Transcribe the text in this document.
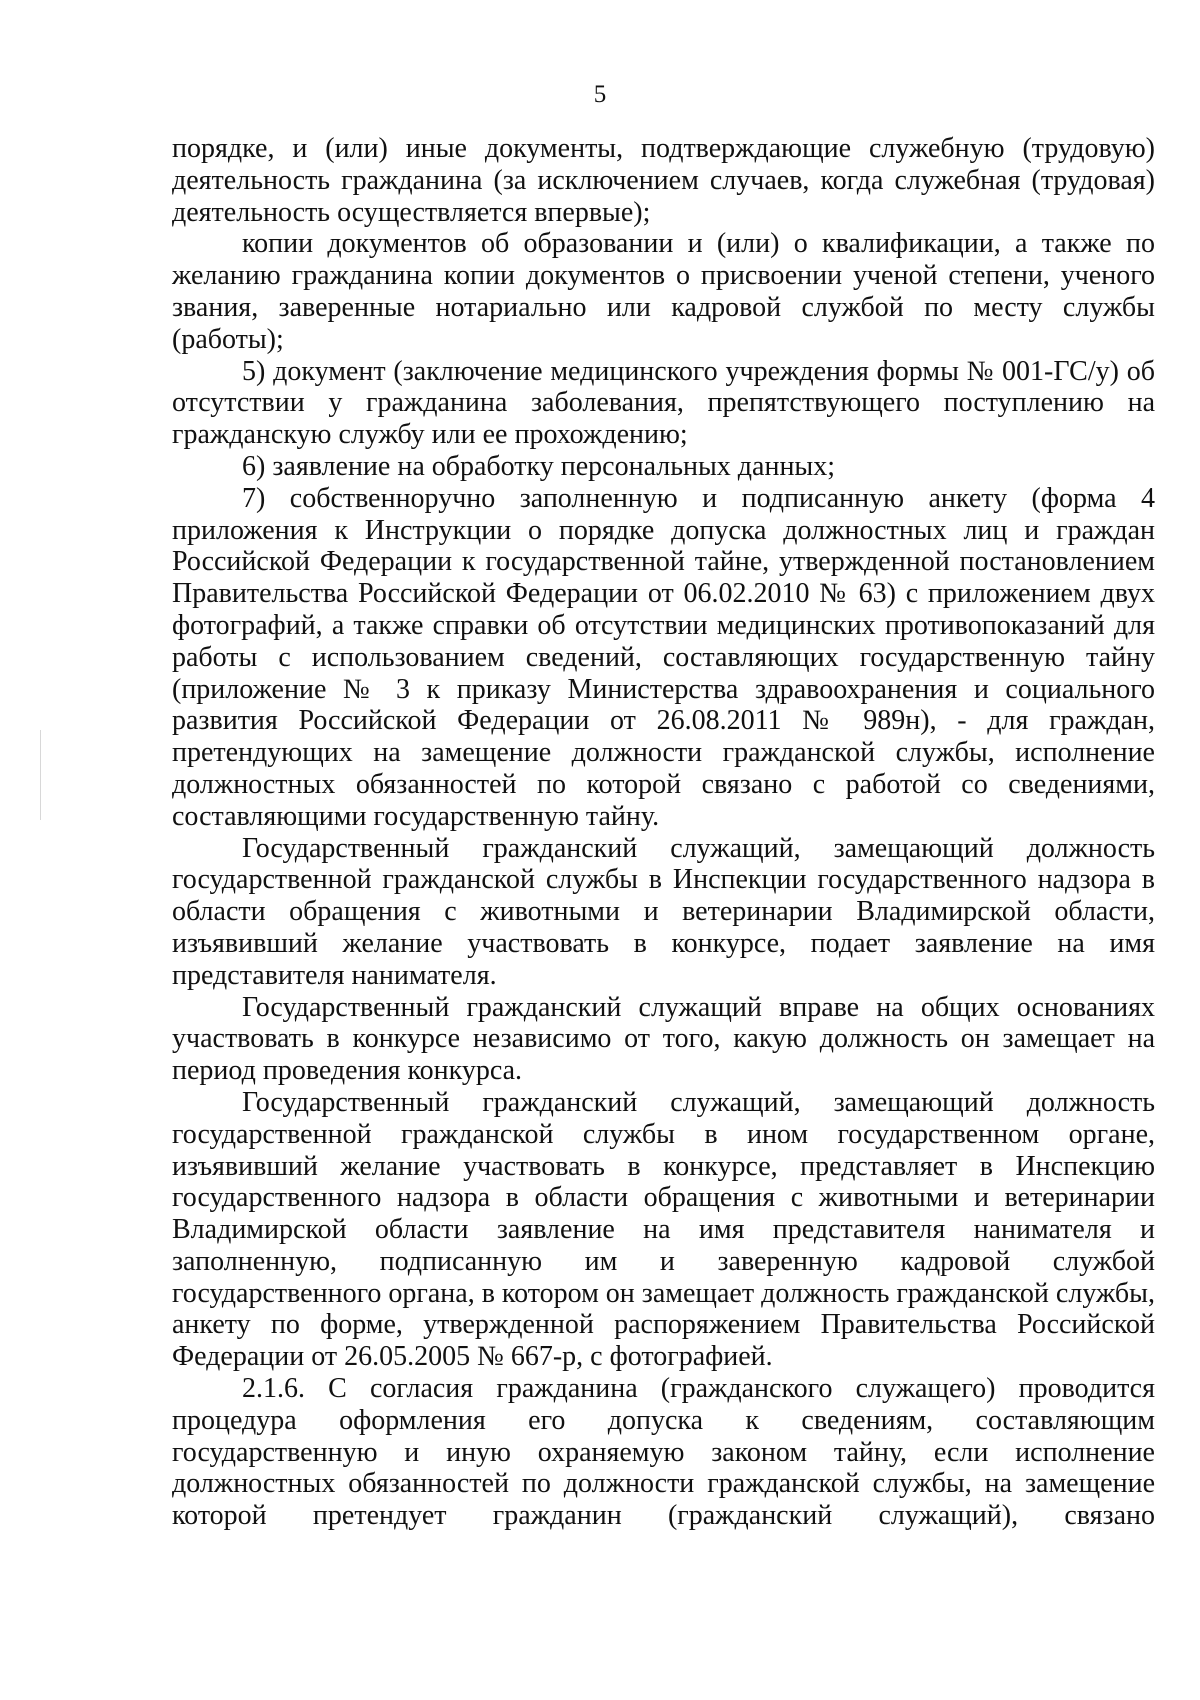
5

порядке, и (или) иные документы, подтверждающие служебную (трудовую) деятельность гражданина (за исключением случаев, когда служебная (трудовая) деятельность осуществляется впервые);

копии документов об образовании и (или) о квалификации, а также по желанию гражданина копии документов о присвоении ученой степени, ученого звания, заверенные нотариально или кадровой службой по месту службы (работы);

5) документ (заключение медицинского учреждения формы № 001-ГС/у) об отсутствии у гражданина заболевания, препятствующего поступлению на гражданскую службу или ее прохождению;

6) заявление на обработку персональных данных;

7) собственноручно заполненную и подписанную анкету (форма 4 приложения к Инструкции о порядке допуска должностных лиц и граждан Российской Федерации к государственной тайне, утвержденной постановлением Правительства Российской Федерации от 06.02.2010 № 63) с приложением двух фотографий, а также справки об отсутствии медицинских противопоказаний для работы с использованием сведений, составляющих государственную тайну (приложение № 3 к приказу Министерства здравоохранения и социального развития Российской Федерации от 26.08.2011 № 989н), - для граждан, претендующих на замещение должности гражданской службы, исполнение должностных обязанностей по которой связано с работой со сведениями, составляющими государственную тайну.

Государственный гражданский служащий, замещающий должность государственной гражданской службы в Инспекции государственного надзора в области обращения с животными и ветеринарии Владимирской области, изъявивший желание участвовать в конкурсе, подает заявление на имя представителя нанимателя.

Государственный гражданский служащий вправе на общих основаниях участвовать в конкурсе независимо от того, какую должность он замещает на период проведения конкурса.

Государственный гражданский служащий, замещающий должность государственной гражданской службы в ином государственном органе, изъявивший желание участвовать в конкурсе, представляет в Инспекцию государственного надзора в области обращения с животными и ветеринарии Владимирской области заявление на имя представителя нанимателя и заполненную, подписанную им и заверенную кадровой службой государственного органа, в котором он замещает должность гражданской службы, анкету по форме, утвержденной распоряжением Правительства Российской Федерации от 26.05.2005 № 667-р, с фотографией.

2.1.6. С согласия гражданина (гражданского служащего) проводится процедура оформления его допуска к сведениям, составляющим государственную и иную охраняемую законом тайну, если исполнение должностных обязанностей по должности гражданской службы, на замещение которой претендует гражданин (гражданский служащий), связано
